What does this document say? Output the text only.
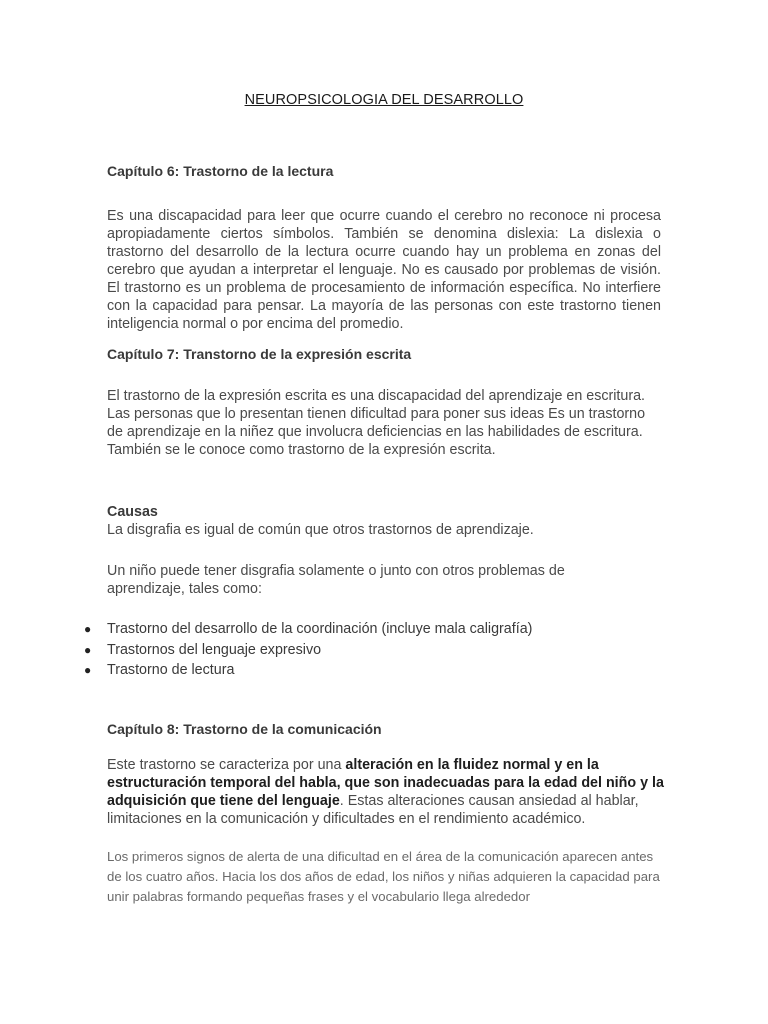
NEUROPSICOLOGIA DEL DESARROLLO
Capítulo 6: Trastorno de la lectura
Es una discapacidad para leer que ocurre cuando el cerebro no reconoce ni procesa apropiadamente ciertos símbolos. También se denomina dislexia: La dislexia o trastorno del desarrollo de la lectura ocurre cuando hay un problema en zonas del cerebro que ayudan a interpretar el lenguaje. No es causado por problemas de visión. El trastorno es un problema de procesamiento de información específica. No interfiere con la capacidad para pensar. La mayoría de las personas con este trastorno tienen inteligencia normal o por encima del promedio.
Capítulo 7: Transtorno de la expresión escrita
El trastorno de la expresión escrita es una discapacidad del aprendizaje en escritura. Las personas que lo presentan tienen dificultad para poner sus ideas Es un trastorno de aprendizaje en la niñez que involucra deficiencias en las habilidades de escritura. También se le conoce como trastorno de la expresión escrita.
Causas
La disgrafia es igual de común que otros trastornos de aprendizaje.
Un niño puede tener disgrafia solamente o junto con otros problemas de aprendizaje, tales como:
● Trastorno del desarrollo de la coordinación (incluye mala caligrafía)
● Trastornos del lenguaje expresivo
● Trastorno de lectura
Capítulo 8: Trastorno de la comunicación
Este trastorno se caracteriza por una alteración en la fluidez normal y en la estructuración temporal del habla, que son inadecuadas para la edad del niño y la adquisición que tiene del lenguaje. Estas alteraciones causan ansiedad al hablar, limitaciones en la comunicación y dificultades en el rendimiento académico.
Los primeros signos de alerta de una dificultad en el área de la comunicación aparecen antes de los cuatro años. Hacia los dos años de edad, los niños y niñas adquieren la capacidad para unir palabras formando pequeñas frases y el vocabulario llega alrededor
